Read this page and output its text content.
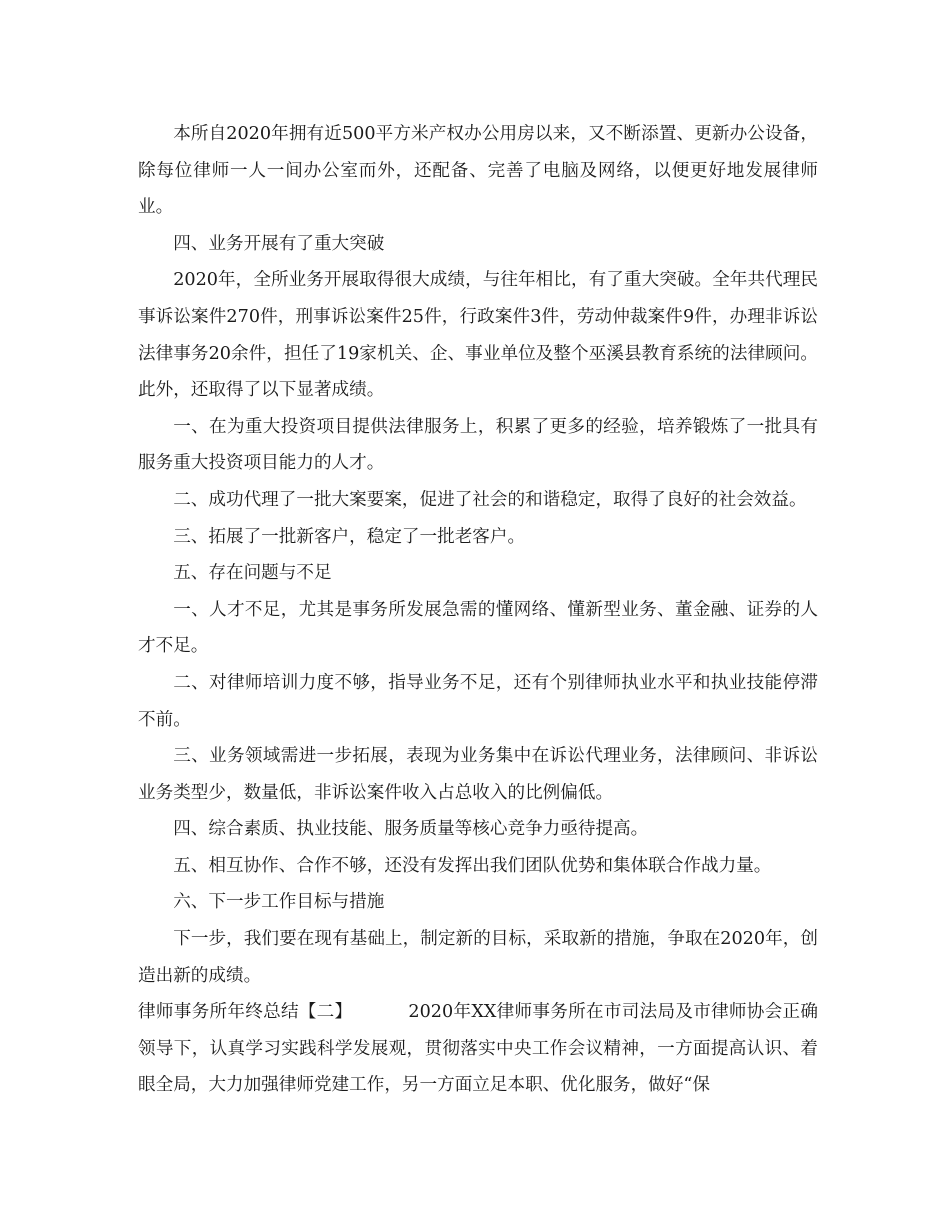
本所自2020年拥有近500平方米产权办公用房以来，又不断添置、更新办公设备，除每位律师一人一间办公室而外，还配备、完善了电脑及网络，以便更好地发展律师业。

四、业务开展有了重大突破

2020年，全所业务开展取得很大成绩，与往年相比，有了重大突破。全年共代理民事诉讼案件270件，刑事诉讼案件25件，行政案件3件，劳动仲裁案件9件，办理非诉讼法律事务20余件，担任了19家机关、企、事业单位及整个巫溪县教育系统的法律顾问。此外，还取得了以下显著成绩。

一、在为重大投资项目提供法律服务上，积累了更多的经验，培养锻炼了一批具有服务重大投资项目能力的人才。

二、成功代理了一批大案要案，促进了社会的和谐稳定，取得了良好的社会效益。

三、拓展了一批新客户，稳定了一批老客户。

五、存在问题与不足

一、人才不足，尤其是事务所发展急需的懂网络、懂新型业务、董金融、证券的人才不足。

二、对律师培训力度不够，指导业务不足，还有个别律师执业水平和执业技能停滞不前。

三、业务领域需进一步拓展，表现为业务集中在诉讼代理业务，法律顾问、非诉讼业务类型少，数量低，非诉讼案件收入占总收入的比例偏低。

四、综合素质、执业技能、服务质量等核心竞争力亟待提高。

五、相互协作、合作不够，还没有发挥出我们团队优势和集体联合作战力量。

六、下一步工作目标与措施

下一步，我们要在现有基础上，制定新的目标，采取新的措施，争取在2020年，创造出新的成绩。

律师事务所年终总结【二】	2020年XX律师事务所在市司法局及市律师协会正确领导下，认真学习实践科学发展观，贯彻落实中央工作会议精神，一方面提高认识、着眼全局，大力加强律师党建工作，另一方面立足本职、优化服务，做好“保
